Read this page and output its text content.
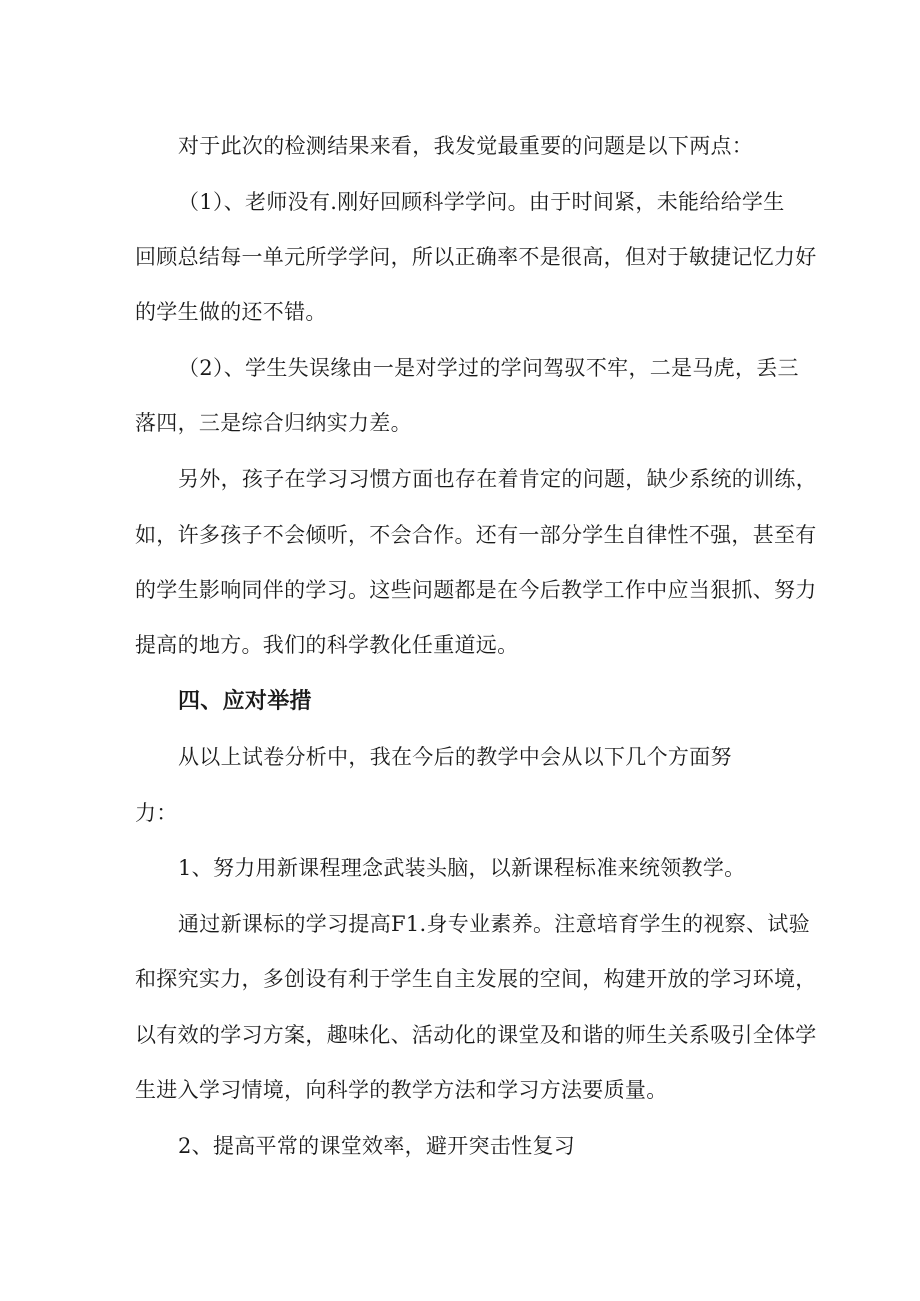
对于此次的检测结果来看，我发觉最重要的问题是以下两点：
（1）、老师没有.刚好回顾科学学问。由于时间紧，未能给给学生
回顾总结每一单元所学学问，所以正确率不是很高，但对于敏捷记忆力好
的学生做的还不错。
（2）、学生失误缘由一是对学过的学问驾驭不牢，二是马虎，丢三
落四，三是综合归纳实力差。
另外，孩子在学习习惯方面也存在着肯定的问题，缺少系统的训练，
如，许多孩子不会倾听，不会合作。还有一部分学生自律性不强，甚至有
的学生影响同伴的学习。这些问题都是在今后教学工作中应当狠抓、努力
提高的地方。我们的科学教化任重道远。
四、应对举措
从以上试卷分析中，我在今后的教学中会从以下几个方面努
力：
1、努力用新课程理念武装头脑，以新课程标准来统领教学。
通过新课标的学习提高F1.身专业素养。注意培育学生的视察、试验
和探究实力，多创设有利于学生自主发展的空间，构建开放的学习环境，
以有效的学习方案，趣味化、活动化的课堂及和谐的师生关系吸引全体学
生进入学习情境，向科学的教学方法和学习方法要质量。
2、提高平常的课堂效率，避开突击性复习
